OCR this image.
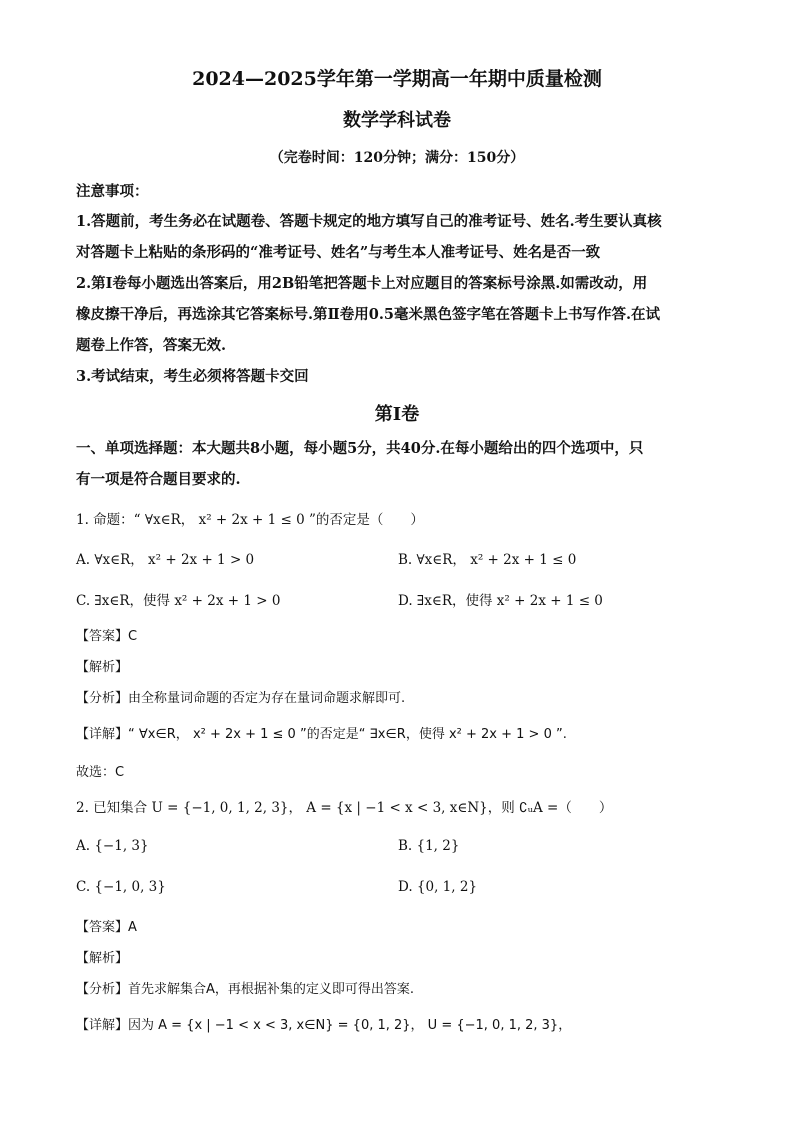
2024—2025学年第一学期高一年期中质量检测
数学学科试卷
（完卷时间：120分钟；满分：150分）
注意事项：
1.答题前，考生务必在试题卷、答题卡规定的地方填写自己的准考证号、姓名.考生要认真核
对答题卡上粘贴的条形码的“准考证号、姓名”与考生本人准考证号、姓名是否一致
2.第Ⅰ卷每小题选出答案后，用2B铅笔把答题卡上对应题目的答案标号涂黑.如需改动，用
橡皮擦干净后，再选涂其它答案标号.第Ⅱ卷用0.5毫米黑色签字笔在答题卡上书写作答.在试
题卷上作答，答案无效.
3.考试结束，考生必须将答题卡交回
第Ⅰ卷
一、单项选择题：本大题共8小题，每小题5分，共40分.在每小题给出的四个选项中，只
有一项是符合题目要求的.
1. 命题：“ ∀x∈R， x² + 2x + 1 ≤ 0 ”的否定是（　　）
A. ∀x∈R， x² + 2x + 1 > 0	B. ∀x∈R， x² + 2x + 1 ≤ 0
C. ∃x∈R，使得 x² + 2x + 1 > 0	D. ∃x∈R，使得 x² + 2x + 1 ≤ 0
【答案】C
【解析】
【分析】由全称量词命题的否定为存在量词命题求解即可.
【详解】“ ∀x∈R， x² + 2x + 1 ≤ 0 ”的否定是“ ∃x∈R，使得 x² + 2x + 1 > 0 ”.
故选：C
2. 已知集合 U = {−1, 0, 1, 2, 3}， A = {x | −1 < x < 3, x∈N}，则 ∁ᵤA =（　　）
A. {−1, 3}	B. {1, 2}
C. {−1, 0, 3}	D. {0, 1, 2}
【答案】A
【解析】
【分析】首先求解集合A，再根据补集的定义即可得出答案.
【详解】因为 A = {x | −1 < x < 3, x∈N} = {0, 1, 2}， U = {−1, 0, 1, 2, 3}，
